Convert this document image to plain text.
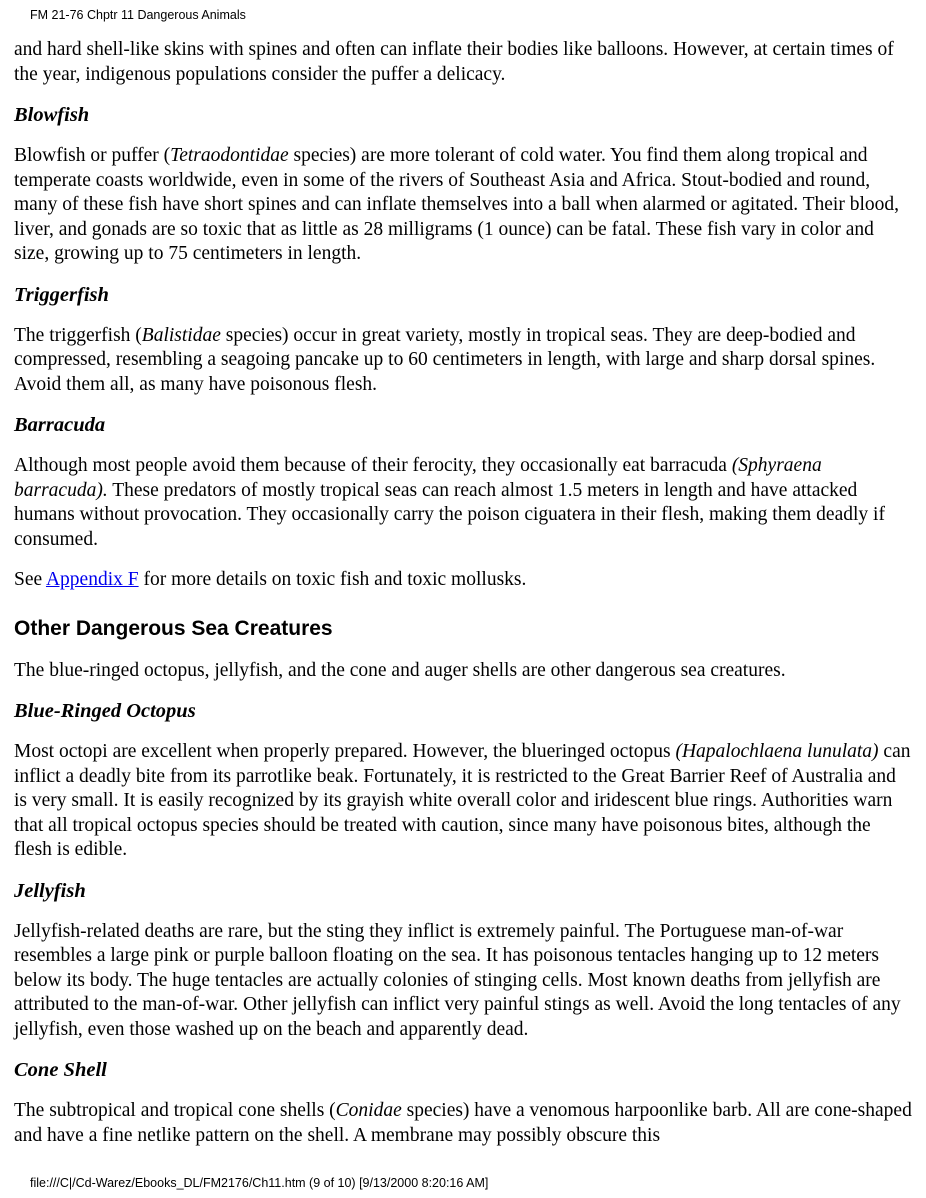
FM 21-76 Chptr 11 Dangerous Animals

and hard shell-like skins with spines and often can inflate their bodies like balloons. However, at certain times of the year, indigenous populations consider the puffer a delicacy.

Blowfish

Blowfish or puffer (Tetraodontidae species) are more tolerant of cold water. You find them along tropical and temperate coasts worldwide, even in some of the rivers of Southeast Asia and Africa. Stout-bodied and round, many of these fish have short spines and can inflate themselves into a ball when alarmed or agitated. Their blood, liver, and gonads are so toxic that as little as 28 milligrams (1 ounce) can be fatal. These fish vary in color and size, growing up to 75 centimeters in length.

Triggerfish

The triggerfish (Balistidae species) occur in great variety, mostly in tropical seas. They are deep-bodied and compressed, resembling a seagoing pancake up to 60 centimeters in length, with large and sharp dorsal spines. Avoid them all, as many have poisonous flesh.

Barracuda

Although most people avoid them because of their ferocity, they occasionally eat barracuda (Sphyraena barracuda). These predators of mostly tropical seas can reach almost 1.5 meters in length and have attacked humans without provocation. They occasionally carry the poison ciguatera in their flesh, making them deadly if consumed.

See Appendix F for more details on toxic fish and toxic mollusks.

Other Dangerous Sea Creatures

The blue-ringed octopus, jellyfish, and the cone and auger shells are other dangerous sea creatures.

Blue-Ringed Octopus

Most octopi are excellent when properly prepared. However, the blueringed octopus (Hapalochlaena lunulata) can inflict a deadly bite from its parrotlike beak. Fortunately, it is restricted to the Great Barrier Reef of Australia and is very small. It is easily recognized by its grayish white overall color and iridescent blue rings. Authorities warn that all tropical octopus species should be treated with caution, since many have poisonous bites, although the flesh is edible.

Jellyfish

Jellyfish-related deaths are rare, but the sting they inflict is extremely painful. The Portuguese man-of-war resembles a large pink or purple balloon floating on the sea. It has poisonous tentacles hanging up to 12 meters below its body. The huge tentacles are actually colonies of stinging cells. Most known deaths from jellyfish are attributed to the man-of-war. Other jellyfish can inflict very painful stings as well. Avoid the long tentacles of any jellyfish, even those washed up on the beach and apparently dead.

Cone Shell

The subtropical and tropical cone shells (Conidae species) have a venomous harpoonlike barb. All are cone-shaped and have a fine netlike pattern on the shell. A membrane may possibly obscure this

file:///C|/Cd-Warez/Ebooks_DL/FM2176/Ch11.htm (9 of 10) [9/13/2000 8:20:16 AM]
